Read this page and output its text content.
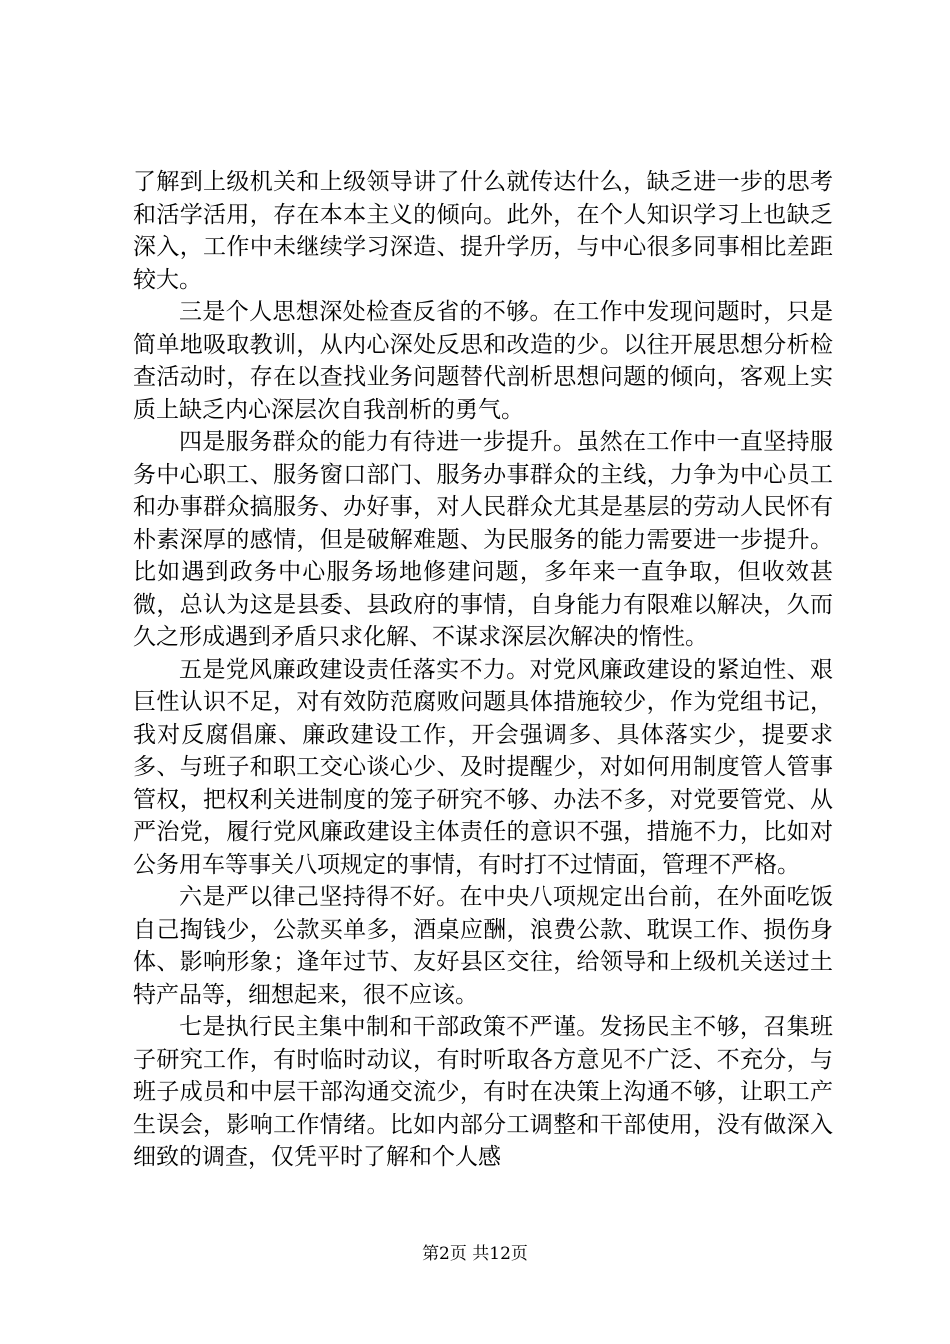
了解到上级机关和上级领导讲了什么就传达什么，缺乏进一步的思考和活学活用，存在本本主义的倾向。此外，在个人知识学习上也缺乏深入，工作中未继续学习深造、提升学历，与中心很多同事相比差距较大。

三是个人思想深处检查反省的不够。在工作中发现问题时，只是简单地吸取教训，从内心深处反思和改造的少。以往开展思想分析检查活动时，存在以查找业务问题替代剖析思想问题的倾向，客观上实质上缺乏内心深层次自我剖析的勇气。

四是服务群众的能力有待进一步提升。虽然在工作中一直坚持服务中心职工、服务窗口部门、服务办事群众的主线，力争为中心员工和办事群众搞服务、办好事，对人民群众尤其是基层的劳动人民怀有朴素深厚的感情，但是破解难题、为民服务的能力需要进一步提升。比如遇到政务中心服务场地修建问题，多年来一直争取，但收效甚微，总认为这是县委、县政府的事情，自身能力有限难以解决，久而久之形成遇到矛盾只求化解、不谋求深层次解决的惰性。

五是党风廉政建设责任落实不力。对党风廉政建设的紧迫性、艰巨性认识不足，对有效防范腐败问题具体措施较少，作为党组书记，我对反腐倡廉、廉政建设工作，开会强调多、具体落实少，提要求多、与班子和职工交心谈心少、及时提醒少，对如何用制度管人管事管权，把权利关进制度的笼子研究不够、办法不多，对党要管党、从严治党，履行党风廉政建设主体责任的意识不强，措施不力，比如对公务用车等事关八项规定的事情，有时打不过情面，管理不严格。

六是严以律己坚持得不好。在中央八项规定出台前，在外面吃饭自己掏钱少，公款买单多，酒桌应酬，浪费公款、耽误工作、损伤身体、影响形象；逢年过节、友好县区交往，给领导和上级机关送过土特产品等，细想起来，很不应该。

七是执行民主集中制和干部政策不严谨。发扬民主不够，召集班子研究工作，有时临时动议，有时听取各方意见不广泛、不充分，与班子成员和中层干部沟通交流少，有时在决策上沟通不够，让职工产生误会，影响工作情绪。比如内部分工调整和干部使用，没有做深入细致的调查，仅凭平时了解和个人感

第2页 共12页
